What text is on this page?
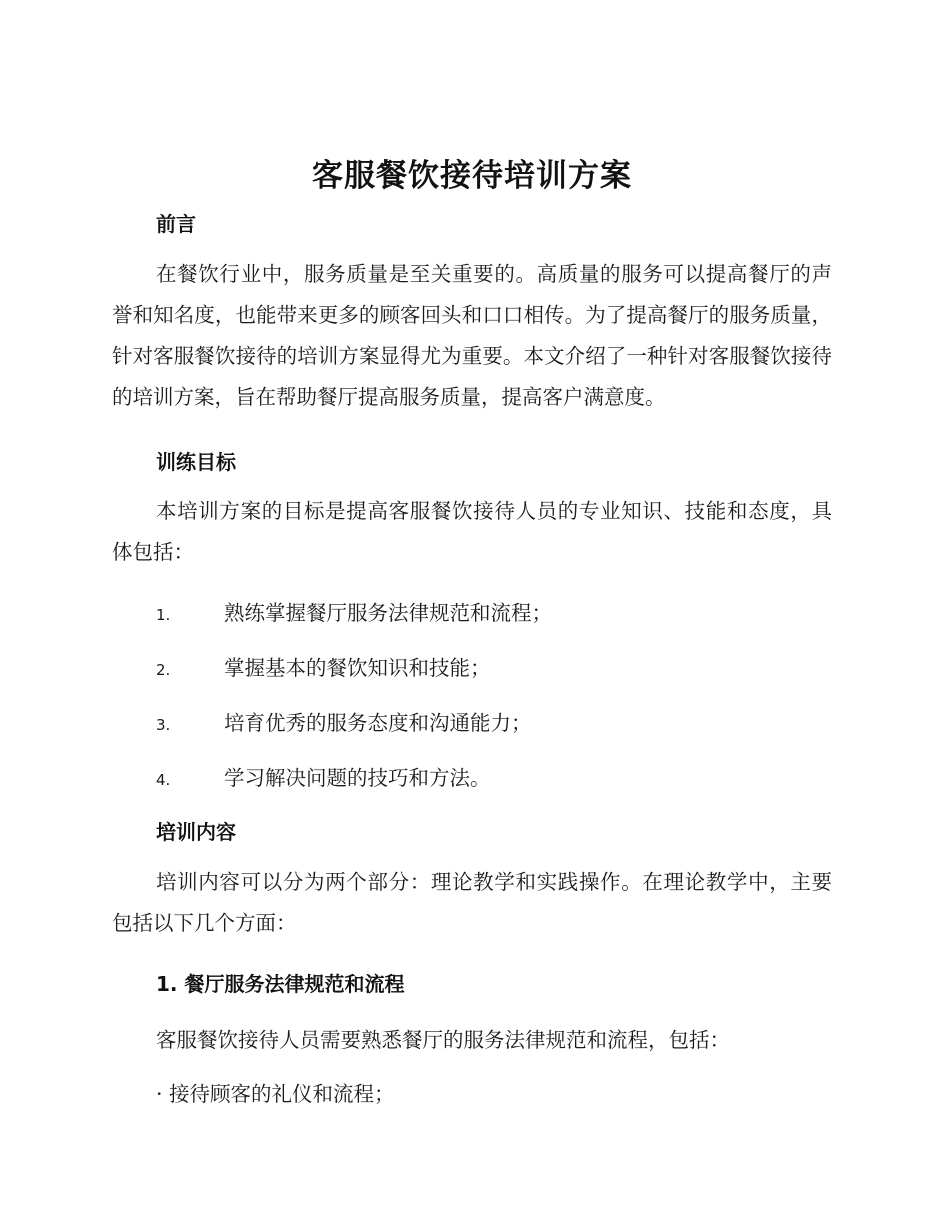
客服餐饮接待培训方案
前言

在餐饮行业中，服务质量是至关重要的。高质量的服务可以提高餐厅的声誉和知名度，也能带来更多的顾客回头和口口相传。为了提高餐厅的服务质量，针对客服餐饮接待的培训方案显得尤为重要。本文介绍了一种针对客服餐饮接待的培训方案，旨在帮助餐厅提高服务质量，提高客户满意度。

训练目标

本培训方案的目标是提高客服餐饮接待人员的专业知识、技能和态度，具体包括：

1.	熟练掌握餐厅服务法律规范和流程；
2.	掌握基本的餐饮知识和技能；
3.	培育优秀的服务态度和沟通能力；
4.	学习解决问题的技巧和方法。
培训内容

培训内容可以分为两个部分：理论教学和实践操作。在理论教学中，主要包括以下几个方面：

1. 餐厅服务法律规范和流程

客服餐饮接待人员需要熟悉餐厅的服务法律规范和流程，包括：

· 接待顾客的礼仪和流程；
